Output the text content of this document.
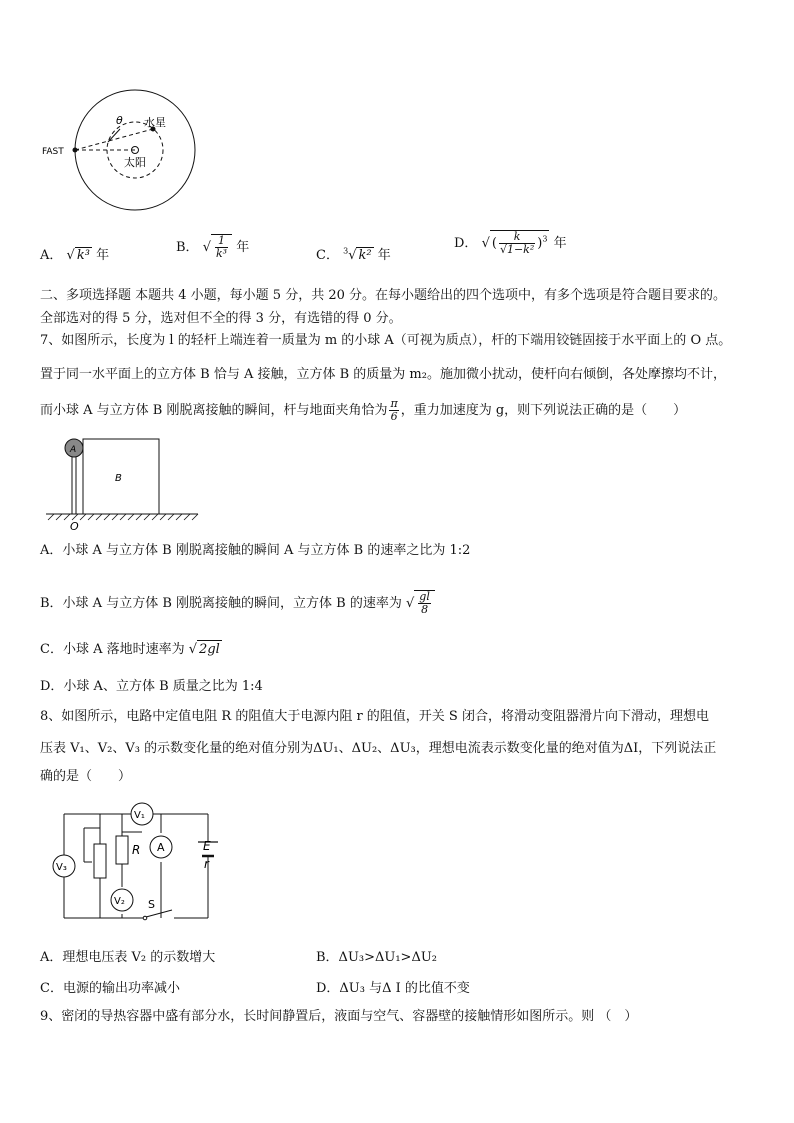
FAST
θ 水星
太阳
A． √ k³ 年
B． √ $\frac{1}{\text{k³}}$ 年
C． $^3$√ k² 年
D． √ ( $\frac{k}{\text{√1−k²}} )^3$ 年
二、多项选择题 本题共 4 小题，每小题 5 分，共 20 分。在每小题给出的四个选项中，有多个选项是符合题目要求的。
全部选对的得 5 分，选对但不全的得 3 分，有选错的得 0 分。
7、如图所示，长度为 l 的轻杆上端连着一质量为 m 的小球 A（可视为质点），杆的下端用铰链固接于水平面上的 O 点。
置于同一水平面上的立方体 B 恰与 A 接触，立方体 B 的质量为 m₂。施加微小扰动，使杆向右倾倒，各处摩擦均不计，
而小球 A 与立方体 B 刚脱离接触的瞬间，杆与地面夹角恰为 $\frac{\pi}{6}$ ，重力加速度为 g，则下列说法正确的是（　　）
A
B
O
A．小球 A 与立方体 B 刚脱离接触的瞬间 A 与立方体 B 的速率之比为 1:2
B．小球 A 与立方体 B 刚脱离接触的瞬间，立方体 B 的速率为 √ $\frac{gl}{8}$
C．小球 A 落地时速率为 √ 2gl
D．小球 A、立方体 B 质量之比为 1:4
8、如图所示，电路中定值电阻 R 的阻值大于电源内阻 r 的阻值，开关 S 闭合，将滑动变阻器滑片向下滑动，理想电
压表 V₁、V₂、V₃ 的示数变化量的绝对值分别为ΔU₁、ΔU₂、ΔU₃，理想电流表示数变化量的绝对值为ΔI，下列说法正
确的是（　　）
R
V₁
A
V₃
V₂
E
r
S
A．理想电压表 V₂ 的示数增大	B．ΔU₃>ΔU₁>ΔU₂
C．电源的输出功率减小	D．ΔU₃ 与Δ I 的比值不变
9、密闭的导热容器中盛有部分水，长时间静置后，液面与空气、容器壁的接触情形如图所示。则 （　）
